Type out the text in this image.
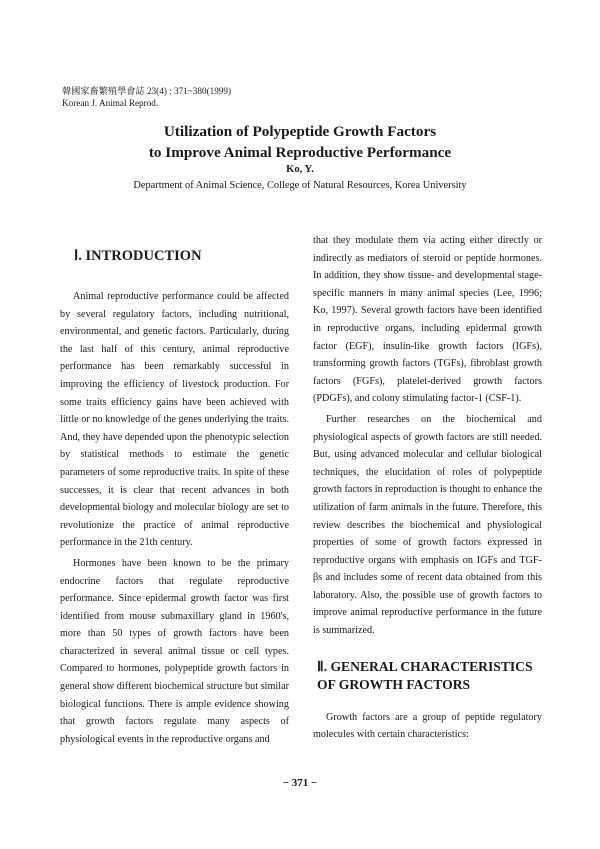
韓國家畜繁殖學會誌 23(4) : 371~380(1999)
Korean J. Animal Reprod.
Utilization of Polypeptide Growth Factors
to Improve Animal Reproductive Performance
Ko, Y.
Department of Animal Science, College of Natural Resources, Korea University
Ⅰ. INTRODUCTION

Animal reproductive performance could be affected by several regulatory factors, including nutritional, environmental, and genetic factors. Particularly, during the last half of this century, animal reproductive performance has been remarkably successful in improving the efficiency of livestock production. For some traits efficiency gains have been achieved with little or no knowledge of the genes underlying the traits. And, they have depended upon the phenotypic selection by statistical methods to estimate the genetic parameters of some reproductive traits. In spite of these successes, it is clear that recent advances in both developmental biology and molecular biology are set to revolutionize the practice of animal reproductive performance in the 21th century.

Hormones have been known to be the primary endocrine factors that regulate reproductive performance. Since epidermal growth factor was first identified from mouse submaxillary gland in 1960's, more than 50 types of growth factors have been characterized in several animal tissue or cell types. Compared to hormones, polypeptide growth factors in general show different biochemical structure but similar biological functions. There is ample evidence showing that growth factors regulate many aspects of physiological events in the reproductive organs and

that they modulate them via acting either directly or indirectly as mediators of steroid or peptide hormones. In addition, they show tissue- and developmental stage-specific manners in many animal species (Lee, 1996; Ko, 1997). Several growth factors have been identified in reproductive organs, including epidermal growth factor (EGF), insulin-like growth factors (IGFs), transforming growth factors (TGFs), fibroblast growth factors (FGFs), platelet-derived growth factors (PDGFs), and colony stimulating factor-1 (CSF-1).

Further researches on the biochemical and physiological aspects of growth factors are still needed. But, using advanced molecular and cellular biological techniques, the elucidation of roles of polypeptide growth factors in reproduction is thought to enhance the utilization of farm animals in the future. Therefore, this review describes the biochemical and physiological properties of some of growth factors expressed in reproductive organs with emphasis on IGFs and TGF-βs and includes some of recent data obtained from this laboratory. Also, the possible use of growth factors to improve animal reproductive performance in the future is summarized.

Ⅱ. GENERAL CHARACTERISTICS
OF GROWTH FACTORS

Growth factors are a group of peptide regulatory molecules with certain characteristics:

− 371 −
